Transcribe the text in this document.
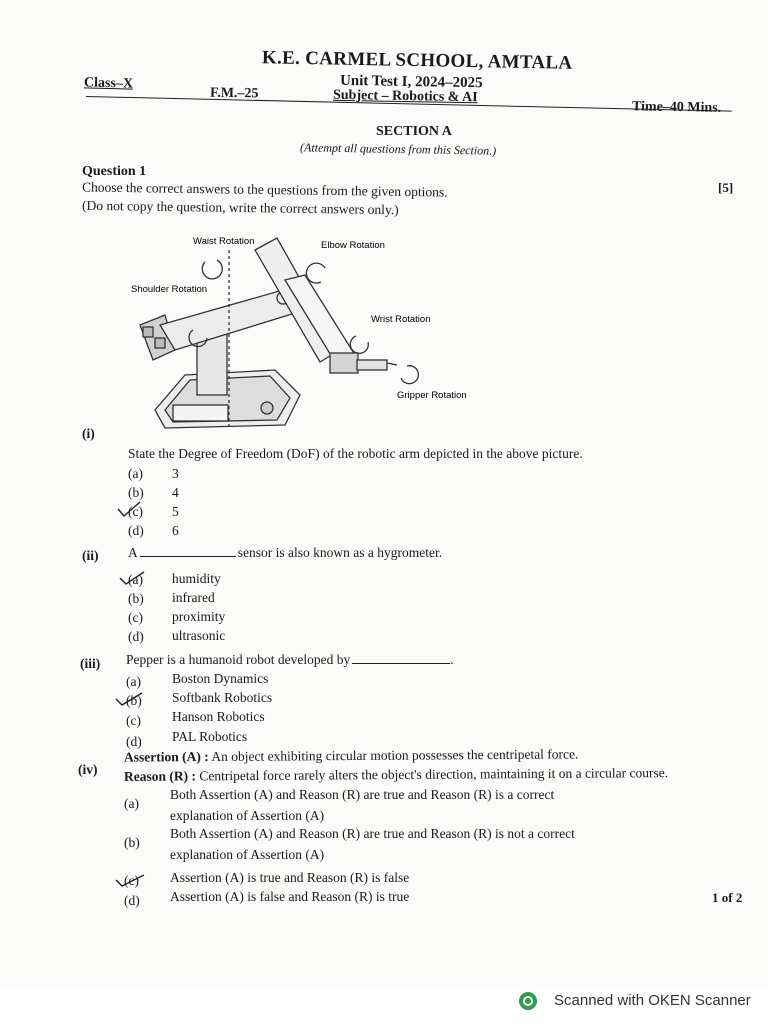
K.E. CARMEL SCHOOL, AMTALA
Unit Test I, 2024–2025
Class–X
F.M.–25	Subject – Robotics & AI
Time–40 Mins.
SECTION A
(Attempt all questions from this Section.)
Question 1
Choose the correct answers to the questions from the given options.
(Do not copy the question, write the correct answers only.)
[5]
Waist Rotation	Elbow Rotation
Shoulder Rotation
Wrist Rotation
Gripper Rotation
(i)
State the Degree of Freedom (DoF) of the robotic arm depicted in the above picture.
(a) 3
(b) 4
(c) 5
(d) 6
(ii) A	sensor is also known as a hygrometer.
(a) humidity
(b) infrared
(c) proximity
(d) ultrasonic
(iii) Pepper is a humanoid robot developed by	.
(a) Boston Dynamics
(b) Softbank Robotics
(c) Hanson Robotics
(d) PAL Robotics
(iv)
Assertion (A) : An object exhibiting circular motion possesses the centripetal force.
Reason (R) : Centripetal force rarely alters the object's direction, maintaining it on a circular course.
(a)
Both Assertion (A) and Reason (R) are true and Reason (R) is a correct
explanation of Assertion (A)
(b)
Both Assertion (A) and Reason (R) are true and Reason (R) is not a correct
explanation of Assertion (A)
(c) Assertion (A) is true and Reason (R) is false
(d) Assertion (A) is false and Reason (R) is true	1 of 2
Scanned with OKEN Scanner
